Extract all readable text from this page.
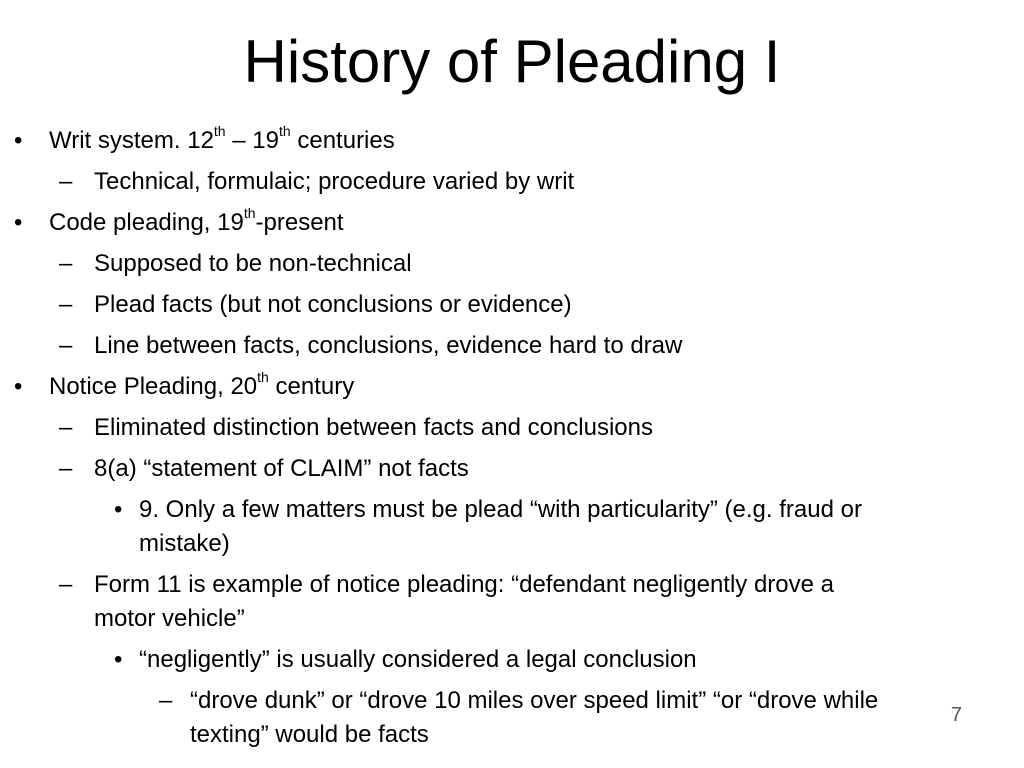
History of Pleading I
• Writ system. 12th – 19th centuries
– Technical, formulaic; procedure varied by writ
• Code pleading, 19th-present
– Supposed to be non-technical
– Plead facts (but not conclusions or evidence)
– Line between facts, conclusions, evidence hard to draw
• Notice Pleading, 20th century
– Eliminated distinction between facts and conclusions
– 8(a) “statement of CLAIM” not facts
• 9. Only a few matters must be plead “with particularity” (e.g. fraud or
mistake)
– Form 11 is example of notice pleading: “defendant negligently drove a
motor vehicle”
• “negligently” is usually considered a legal conclusion
– “drove dunk” or “drove 10 miles over speed limit” “or “drove while
texting” would be facts
7
